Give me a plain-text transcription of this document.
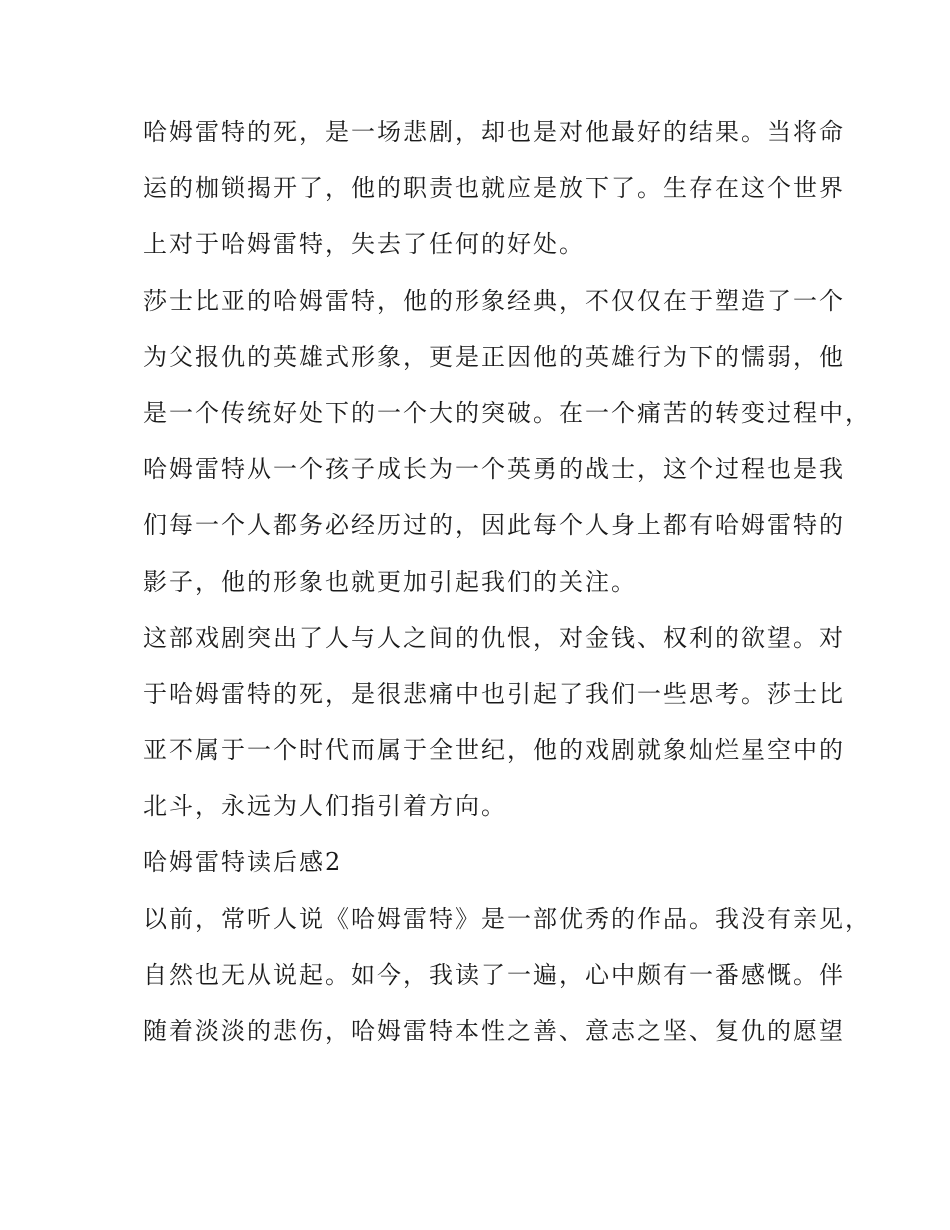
哈姆雷特的死，是一场悲剧，却也是对他最好的结果。当将命
运的枷锁揭开了，他的职责也就应是放下了。生存在这个世界
上对于哈姆雷特，失去了任何的好处。
莎士比亚的哈姆雷特，他的形象经典，不仅仅在于塑造了一个
为父报仇的英雄式形象，更是正因他的英雄行为下的懦弱，他
是一个传统好处下的一个大的突破。在一个痛苦的转变过程中，
哈姆雷特从一个孩子成长为一个英勇的战士，这个过程也是我
们每一个人都务必经历过的，因此每个人身上都有哈姆雷特的
影子，他的形象也就更加引起我们的关注。
这部戏剧突出了人与人之间的仇恨，对金钱、权利的欲望。对
于哈姆雷特的死，是很悲痛中也引起了我们一些思考。莎士比
亚不属于一个时代而属于全世纪，他的戏剧就象灿烂星空中的
北斗，永远为人们指引着方向。
哈姆雷特读后感2
以前，常听人说《哈姆雷特》是一部优秀的作品。我没有亲见，
自然也无从说起。如今，我读了一遍，心中颇有一番感慨。伴
随着淡淡的悲伤，哈姆雷特本性之善、意志之坚、复仇的愿望
